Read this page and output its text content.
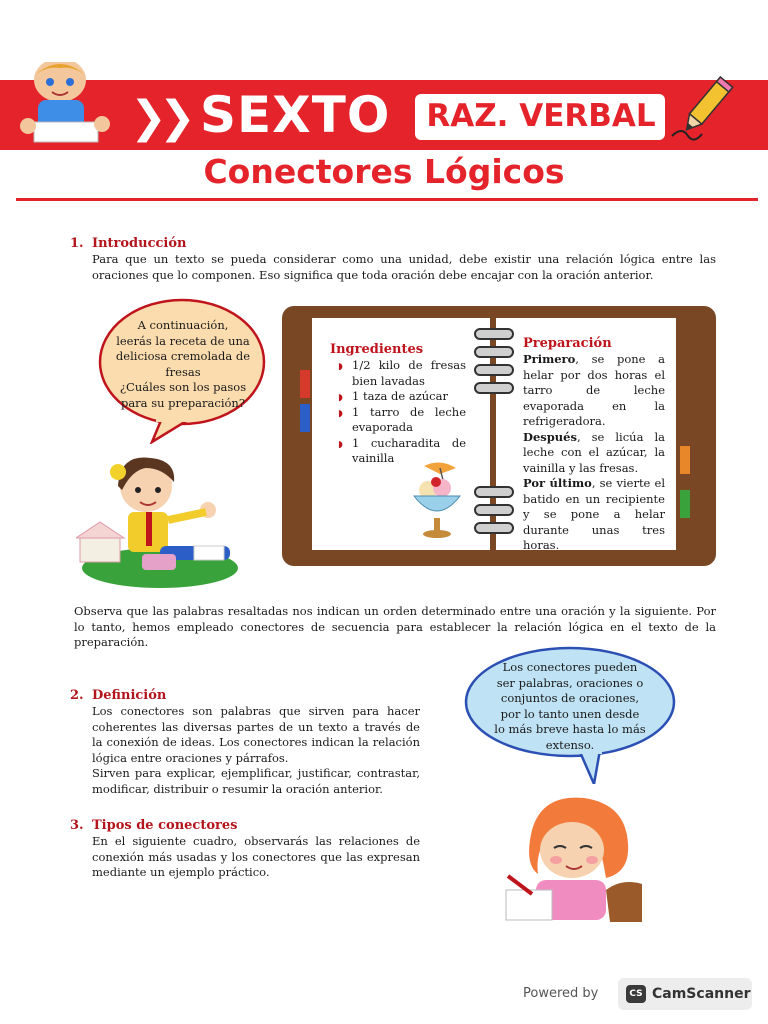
❯❯ SEXTO RAZ. VERBAL
Conectores Lógicos
1. Introducción
Para que un texto se pueda considerar como una unidad, debe existir una relación lógica entre las oraciones que lo componen. Eso significa que toda oración debe encajar con la oración anterior.
A continuación,
leerás la receta de una
deliciosa cremolada de
fresas
¿Cuáles son los pasos
para su preparación?
Ingredientes
◗ 1/2 kilo de fresas bien lavadas
◗ 1 taza de azúcar
◗ 1 tarro de leche evaporada
◗ 1 cucharadita de vainilla
Preparación
Primero, se pone a helar por dos horas el tarro de leche evaporada en la refrigeradora.
Después, se licúa la leche con el azúcar, la vainilla y las fresas.
Por último, se vierte el batido en un recipiente y se pone a helar durante unas tres horas.
Observa que las palabras resaltadas nos indican un orden determinado entre una oración y la siguiente. Por lo tanto, hemos empleado conectores de secuencia para establecer la relación lógica en el texto de la preparación.
2. Definición
Los conectores son palabras que sirven para hacer coherentes las diversas partes de un texto a través de la conexión de ideas. Los conectores indican la relación lógica entre oraciones y párrafos.
Sirven para explicar, ejemplificar, justificar, contrastar, modificar, distribuir o resumir la oración anterior.
3. Tipos de conectores
En el siguiente cuadro, observarás las relaciones de conexión más usadas y los conectores que las expresan mediante un ejemplo práctico.
Los conectores pueden
ser palabras, oraciones o
conjuntos de oraciones,
por lo tanto unen desde
lo más breve hasta lo más
extenso.
Powered by	CS CamScanner
